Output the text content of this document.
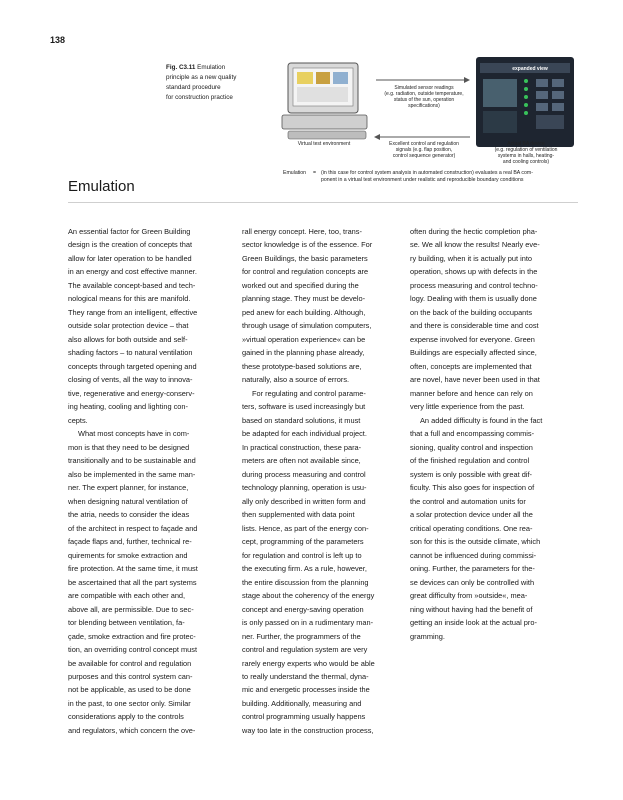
138
Fig. C3.11 Emulation
principle as a new quality
standard procedure
for construction practice
expanded view
Simulated sensor readings
(e.g. radiation, outside temperature,
status of the sun, operation
specifications)
Virtual test environment	Excellent control and regulation
signals (e.g. flap position,
control sequence generator)
Actual BA device
(e.g. regulation of ventilation
systems in halls, heating-
and cooling controls)
Emulation = (in this case for control system analysis in automated construction) evaluates a real BA com-
ponent in a virtual test environment under realistic and reproducible boundary conditions
Emulation

An essential factor for Green Building
design is the creation of concepts that
allow for later operation to be handled
in an energy and cost effective manner.
The available concept-based and tech-
nological means for this are manifold.
They range from an intelligent, effective
outside solar protection device – that
also allows for both outside and self-
shading factors – to natural ventilation
concepts through targeted opening and
closing of vents, all the way to innova-
tive, regenerative and energy-conserv-
ing heating, cooling and lighting con-
cepts.

What most concepts have in com-
mon is that they need to be designed
transitionally and to be sustainable and
also be implemented in the same man-
ner. The expert planner, for instance,
when designing natural ventilation of
the atria, needs to consider the ideas
of the architect in respect to façade and
façade flaps and, further, technical re-
quirements for smoke extraction and
fire protection. At the same time, it must
be ascertained that all the part systems
are compatible with each other and,
above all, are permissible. Due to sec-
tor blending between ventilation, fa-
çade, smoke extraction and fire protec-
tion, an overriding control concept must
be available for control and regulation
purposes and this control system can-
not be applicable, as used to be done
in the past, to one sector only. Similar
considerations apply to the controls
and regulators, which concern the ove-

rall energy concept. Here, too, trans-
sector knowledge is of the essence. For
Green Buildings, the basic parameters
for control and regulation concepts are
worked out and specified during the
planning stage. They must be develo-
ped anew for each building. Although,
through usage of simulation computers,
»virtual operation experience« can be
gained in the planning phase already,
these prototype-based solutions are,
naturally, also a source of errors.

For regulating and control parame-
ters, software is used increasingly but
based on standard solutions, it must
be adapted for each individual project.
In practical construction, these para-
meters are often not available since,
during process measuring and control
technology planning, operation is usu-
ally only described in written form and
then supplemented with data point
lists. Hence, as part of the energy con-
cept, programming of the parameters
for regulation and control is left up to
the executing firm. As a rule, however,
the entire discussion from the planning
stage about the coherency of the energy
concept and energy-saving operation
is only passed on in a rudimentary man-
ner. Further, the programmers of the
control and regulation system are very
rarely energy experts who would be able
to really understand the thermal, dyna-
mic and energetic processes inside the
building. Additionally, measuring and
control programming usually happens
way too late in the construction process,

often during the hectic completion pha-
se. We all know the results! Nearly eve-
ry building, when it is actually put into
operation, shows up with defects in the
process measuring and control techno-
logy. Dealing with them is usually done
on the back of the building occupants
and there is considerable time and cost
expense involved for everyone. Green
Buildings are especially affected since,
often, concepts are implemented that
are novel, have never been used in that
manner before and hence can rely on
very little experience from the past.

An added difficulty is found in the fact
that a full and encompassing commis-
sioning, quality control and inspection
of the finished regulation and control
system is only possible with great dif-
ficulty. This also goes for inspection of
the control and automation units for
a solar protection device under all the
critical operating conditions. One rea-
son for this is the outside climate, which
cannot be influenced during commissi-
oning. Further, the parameters for the-
se devices can only be controlled with
great difficulty from »outside«, mea-
ning without having had the benefit of
getting an inside look at the actual pro-
gramming.
